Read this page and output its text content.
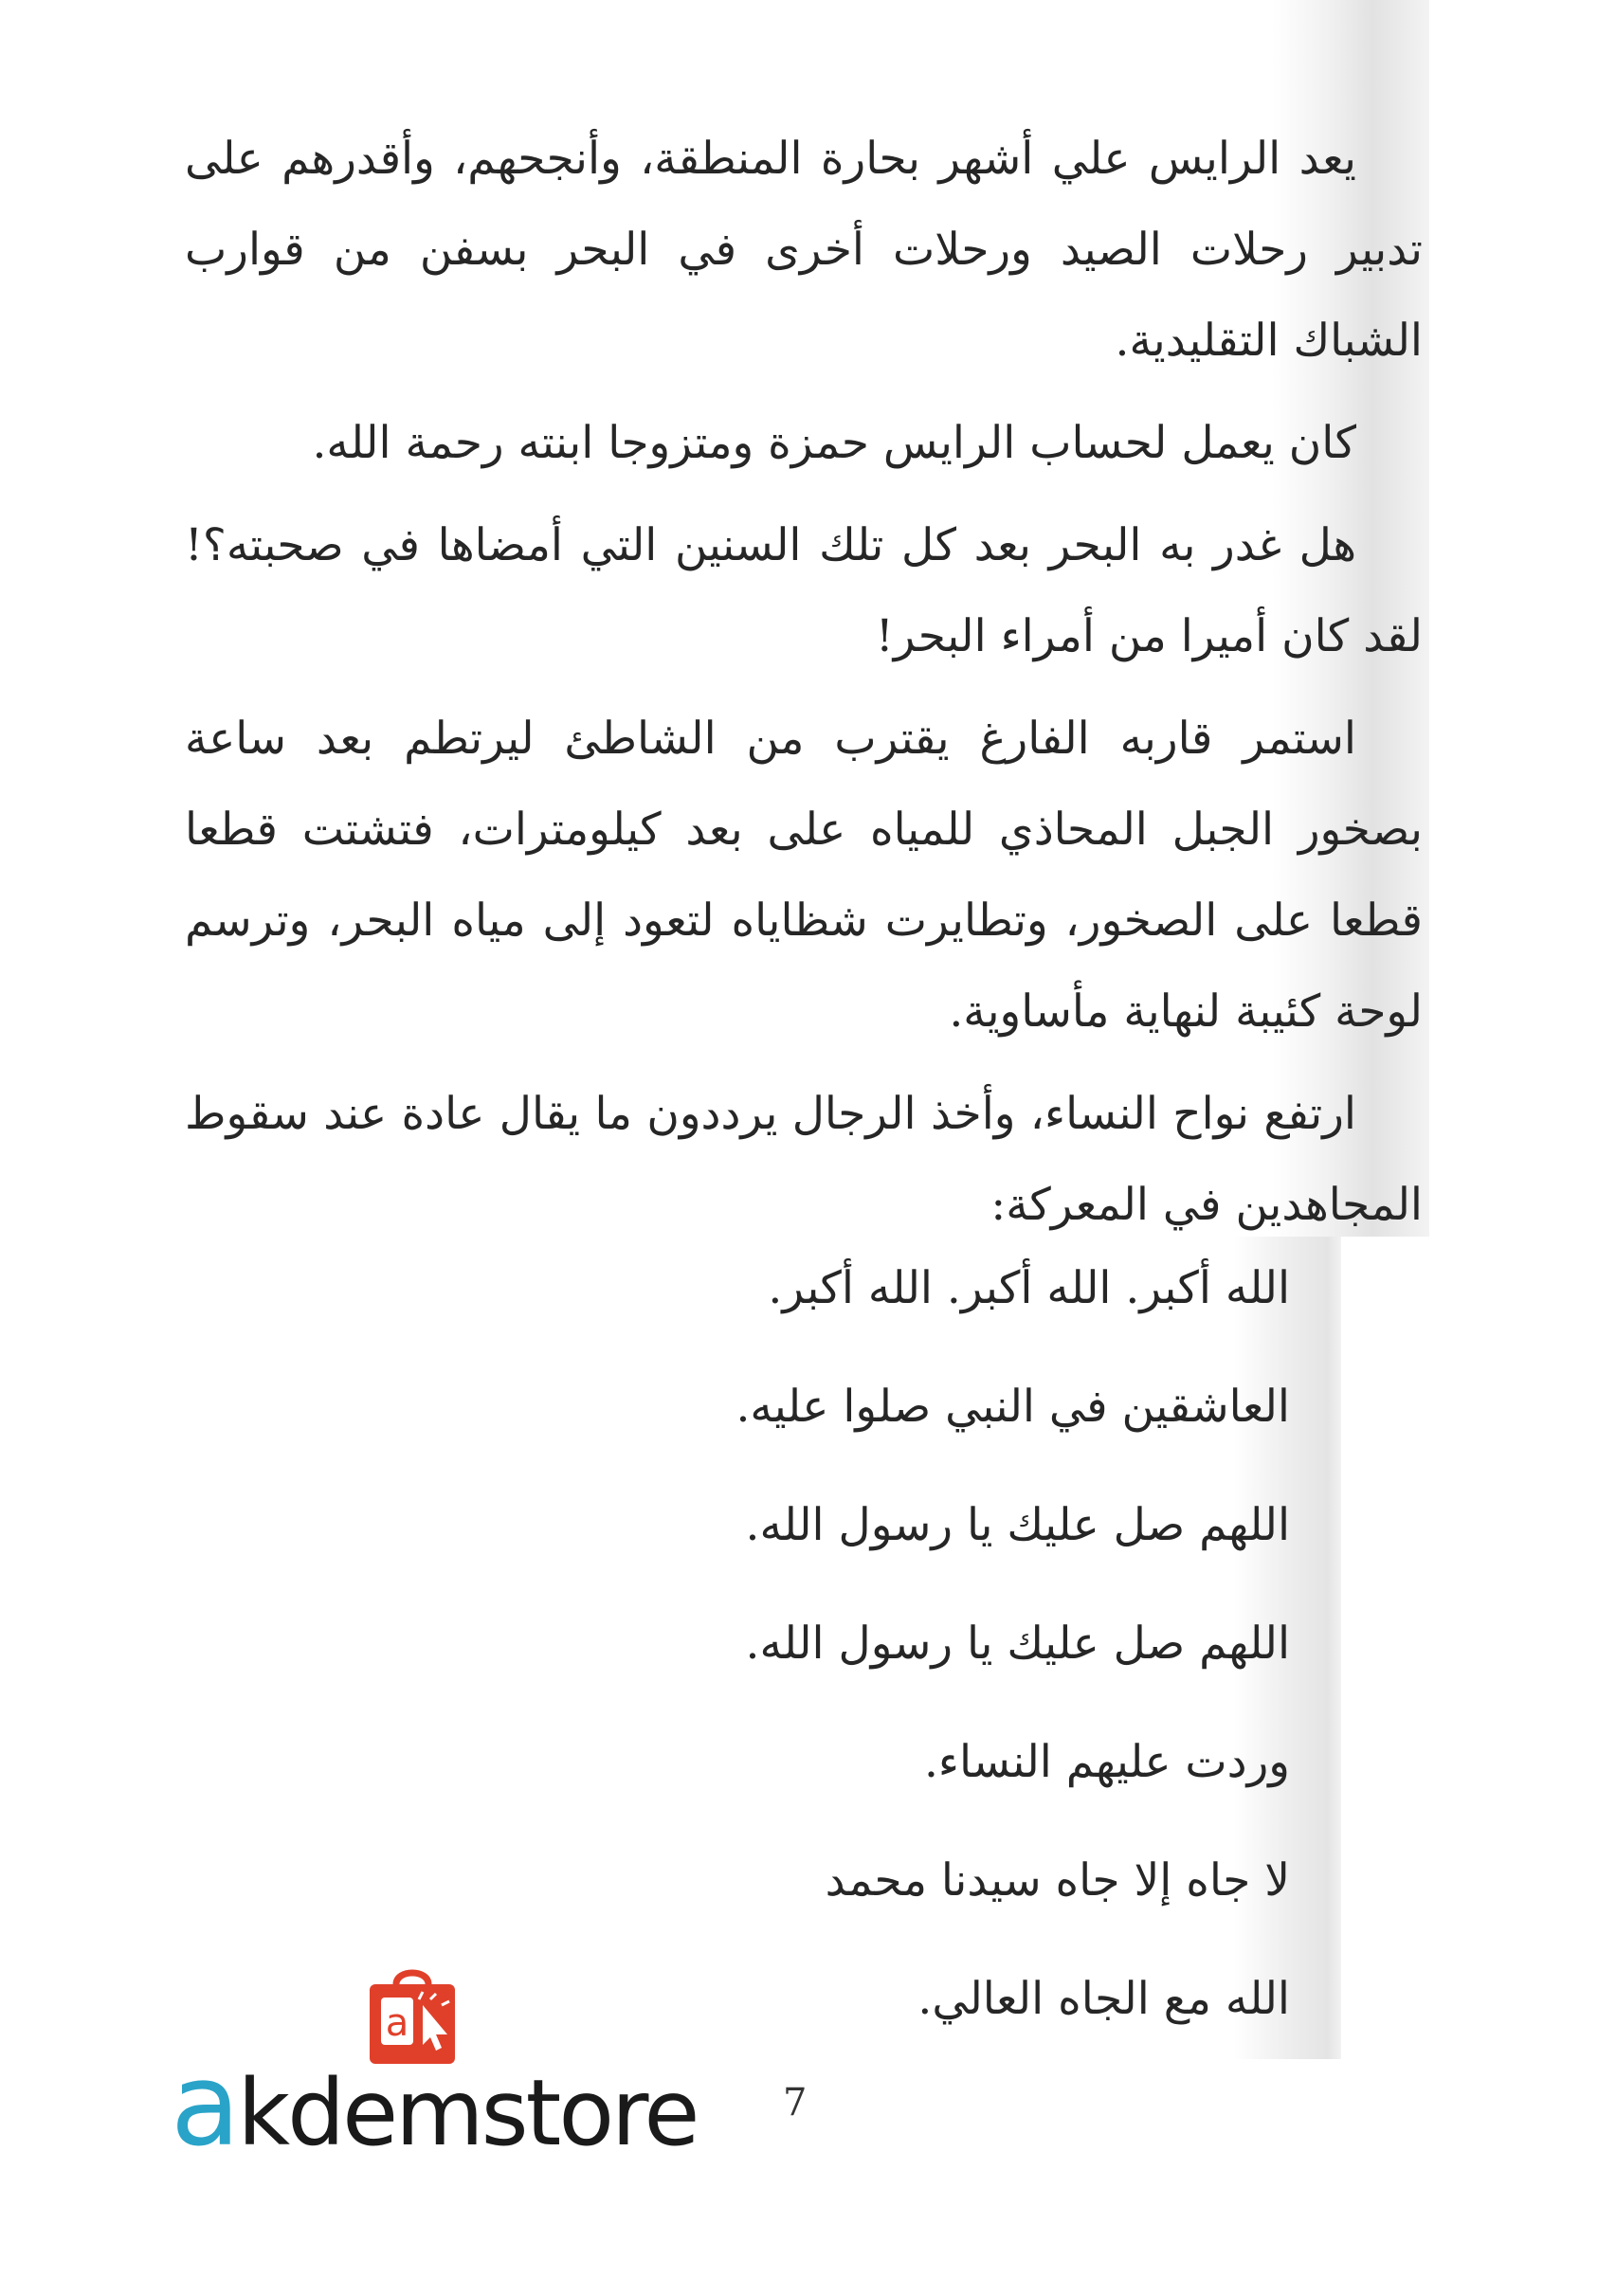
يعد الرايس علي أشهر بحارة المنطقة، وأنجحهم، وأقدرهم على تدبير رحلات الصيد ورحلات أخرى في البحر بسفن من قوارب الشباك التقليدية.

كان يعمل لحساب الرايس حمزة ومتزوجا ابنته رحمة الله.

هل غدر به البحر بعد كل تلك السنين التي أمضاها في صحبته؟! لقد كان أميرا من أمراء البحر!

استمر قاربه الفارغ يقترب من الشاطئ ليرتطم بعد ساعة بصخور الجبل المحاذي للمياه على بعد كيلومترات، فتشتت قطعا قطعا على الصخور، وتطايرت شظاياه لتعود إلى مياه البحر، وترسم لوحة كئيبة لنهاية مأساوية.

ارتفع نواح النساء، وأخذ الرجال يرددون ما يقال عادة عند سقوط المجاهدين في المعركة:

الله أكبر. الله أكبر. الله أكبر.
العاشقين في النبي صلوا عليه.
اللهم صل عليك يا رسول الله.
اللهم صل عليك يا رسول الله.
وردت عليهم النساء.
لا جاه إلا جاه سيدنا محمد
الله مع الجاه العالي.
a
akdemstore 7
